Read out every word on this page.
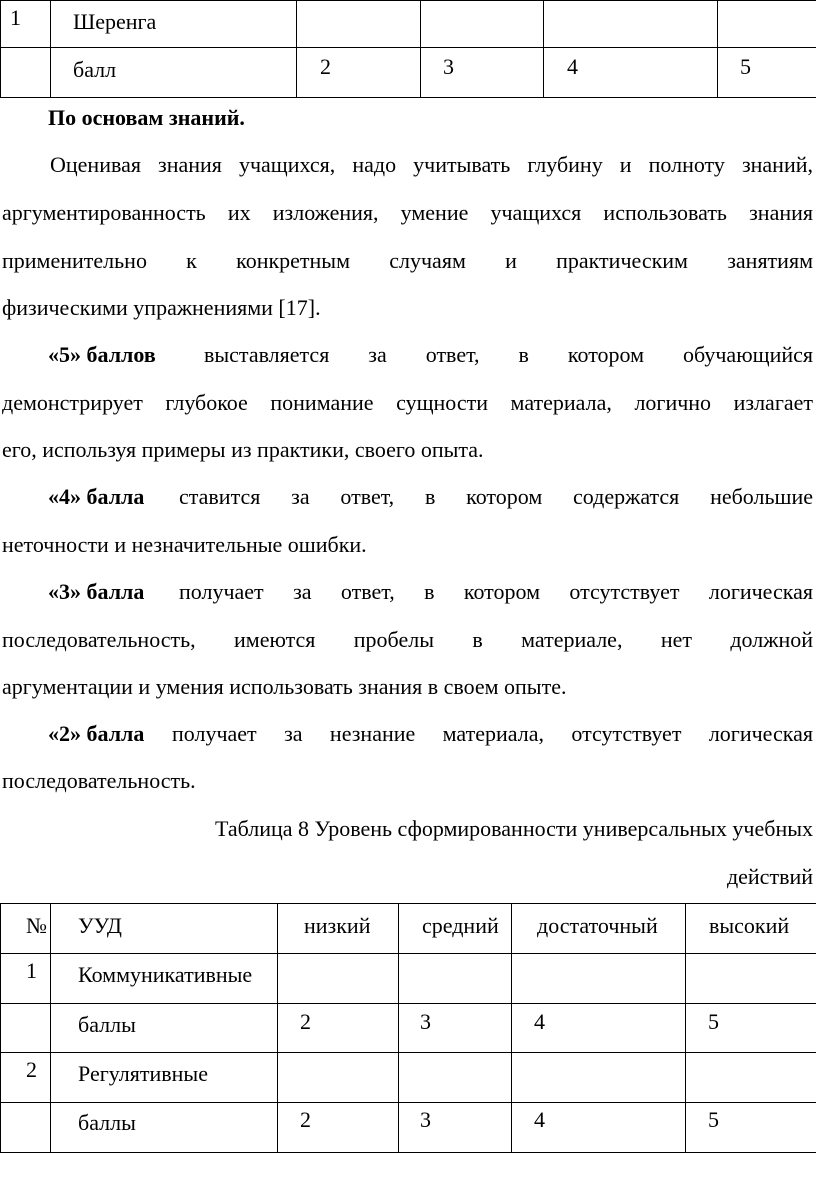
1 Шеренга
балл	2	3	4	5
По основам знаний.
Оценивая знания учащихся, надо учитывать глубину и полноту знаний,
аргументированность их изложения, умение учащихся использовать знания
применительно к конкретным случаям и практическим занятиям
физическими упражнениями [17].
«5» баллов выставляется за ответ, в котором обучающийся
демонстрирует глубокое понимание сущности материала, логично излагает
его, используя примеры из практики, своего опыта.
«4» балла ставится за ответ, в котором содержатся небольшие
неточности и незначительные ошибки.
«3» балла получает за ответ, в котором отсутствует логическая
последовательность, имеются пробелы в материале, нет должной
аргументации и умения использовать знания в своем опыте.
«2» балла получает за незнание материала, отсутствует логическая
последовательность.
Таблица 8 Уровень сформированности универсальных учебных
действий
№ УУД	низкий средний достаточный высокий
1 Коммуникативные
баллы	2	3	4	5
2 Регулятивные
баллы	2	3	4	5
